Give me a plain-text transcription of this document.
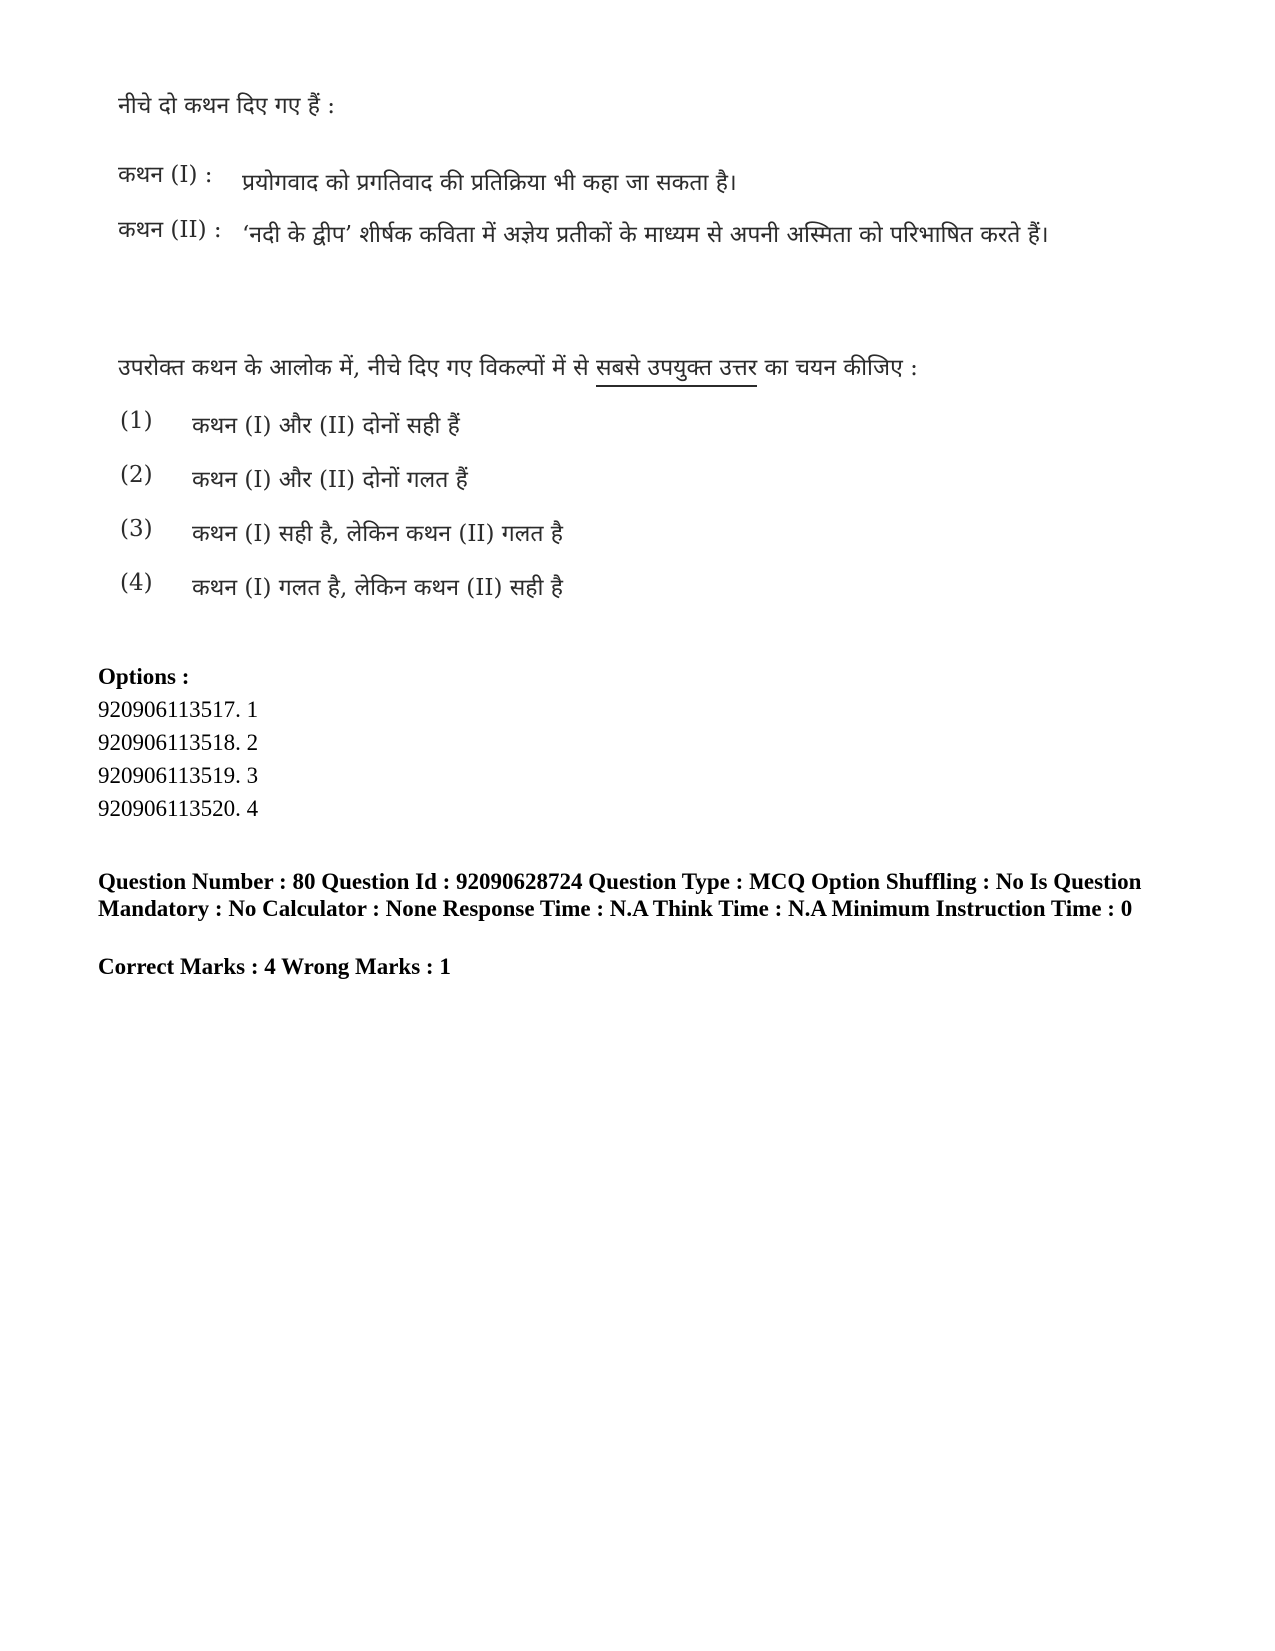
नीचे दो कथन दिए गए हैं :
कथन (I) :	प्रयोगवाद को प्रगतिवाद की प्रतिक्रिया भी कहा जा सकता है।
कथन (II) : ‘नदी के द्वीप’ शीर्षक कविता में अज्ञेय प्रतीकों के माध्यम से अपनी अस्मिता को परिभाषित करते हैं।
उपरोक्त कथन के आलोक में, नीचे दिए गए विकल्पों में से सबसे उपयुक्त उत्तर का चयन कीजिए :
(1)	कथन (I) और (II) दोनों सही हैं
(2)	कथन (I) और (II) दोनों गलत हैं
(3)	कथन (I) सही है, लेकिन कथन (II) गलत है
(4)	कथन (I) गलत है, लेकिन कथन (II) सही है
Options :
920906113517. 1
920906113518. 2
920906113519. 3
920906113520. 4
Question Number : 80 Question Id : 92090628724 Question Type : MCQ Option Shuffling : No Is Question Mandatory : No Calculator : None Response Time : N.A Think Time : N.A Minimum Instruction Time : 0
Correct Marks : 4 Wrong Marks : 1
